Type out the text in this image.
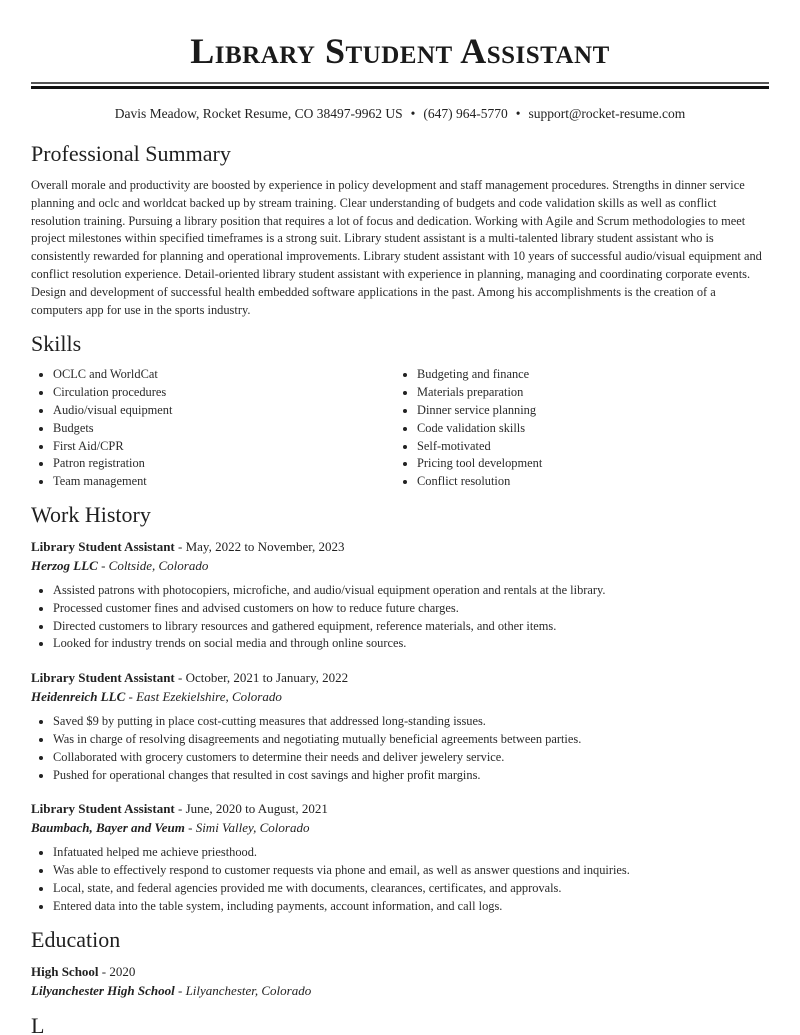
Library Student Assistant
Davis Meadow, Rocket Resume, CO 38497-9962 US • (647) 964-5770 • support@rocket-resume.com
Professional Summary

Overall morale and productivity are boosted by experience in policy development and staff management procedures. Strengths in dinner service planning and oclc and worldcat backed up by stream training. Clear understanding of budgets and code validation skills as well as conflict resolution training. Pursuing a library position that requires a lot of focus and dedication. Working with Agile and Scrum methodologies to meet project milestones within specified timeframes is a strong suit. Library student assistant is a multi-talented library student assistant who is consistently rewarded for planning and operational improvements. Library student assistant with 10 years of successful audio/visual equipment and conflict resolution experience. Detail-oriented library student assistant with experience in planning, managing and coordinating corporate events. Design and development of successful health embedded software applications in the past. Among his accomplishments is the creation of a computers app for use in the sports industry.

Skills
OCLC and WorldCat
Circulation procedures
Audio/visual equipment
Budgets
First Aid/CPR
Patron registration
Team management
Budgeting and finance
Materials preparation
Dinner service planning
Code validation skills
Self-motivated
Pricing tool development
Conflict resolution
Work History
Library Student Assistant - May, 2022 to November, 2023
Herzog LLC - Coltside, Colorado
Assisted patrons with photocopiers, microfiche, and audio/visual equipment operation and rentals at the library.
Processed customer fines and advised customers on how to reduce future charges.
Directed customers to library resources and gathered equipment, reference materials, and other items.
Looked for industry trends on social media and through online sources.
Library Student Assistant - October, 2021 to January, 2022
Heidenreich LLC - East Ezekielshire, Colorado
Saved $9 by putting in place cost-cutting measures that addressed long-standing issues.
Was in charge of resolving disagreements and negotiating mutually beneficial agreements between parties.
Collaborated with grocery customers to determine their needs and deliver jewelery service.
Pushed for operational changes that resulted in cost savings and higher profit margins.
Library Student Assistant - June, 2020 to August, 2021
Baumbach, Bayer and Veum - Simi Valley, Colorado
Infatuated helped me achieve priesthood.
Was able to effectively respond to customer requests via phone and email, as well as answer questions and inquiries.
Local, state, and federal agencies provided me with documents, clearances, certificates, and approvals.
Entered data into the table system, including payments, account information, and call logs.
Education
High School - 2020
Lilyanchester High School - Lilyanchester, Colorado
L
